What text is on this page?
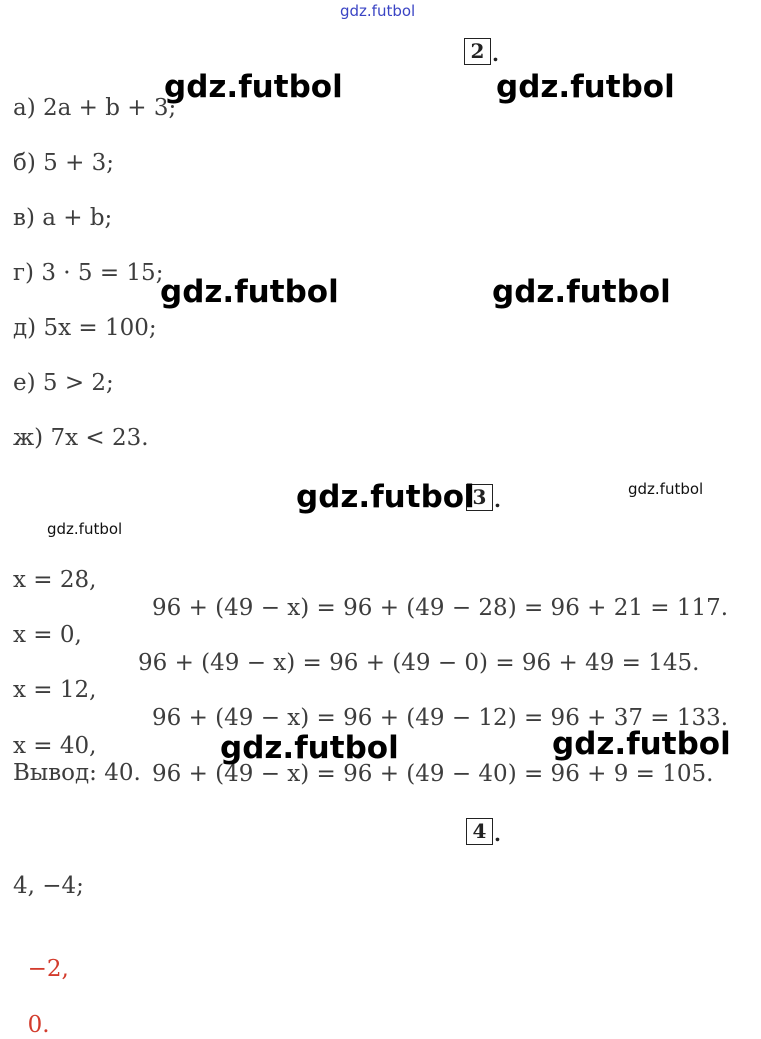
gdz.futbol
2 .
а) 2a + b + 3;
б) 5 + 3;
в) a + b;
г) 3 · 5 = 15;
д) 5x = 100;
е) 5 > 2;
ж) 7x < 23.
3 .

x = 28,

96 + (49 − x) = 96 + (49 − 28) = 96 + 21 = 117.

x = 0,

96 + (49 − x) = 96 + (49 − 0) = 96 + 49 = 145.

x = 12,

96 + (49 − x) = 96 + (49 − 12) = 96 + 37 = 133.

x = 40,

96 + (49 − x) = 96 + (49 − 40) = 96 + 9 = 105.

Вывод: 40.
4 .
4, −4;

−2,

0.

gdz.futbol	gdz.futbol
gdz.futbol	gdz.futbol
gdz.futbol	gdz.futbol
gdz.futbol
gdz.futbol	gdz.futbol
